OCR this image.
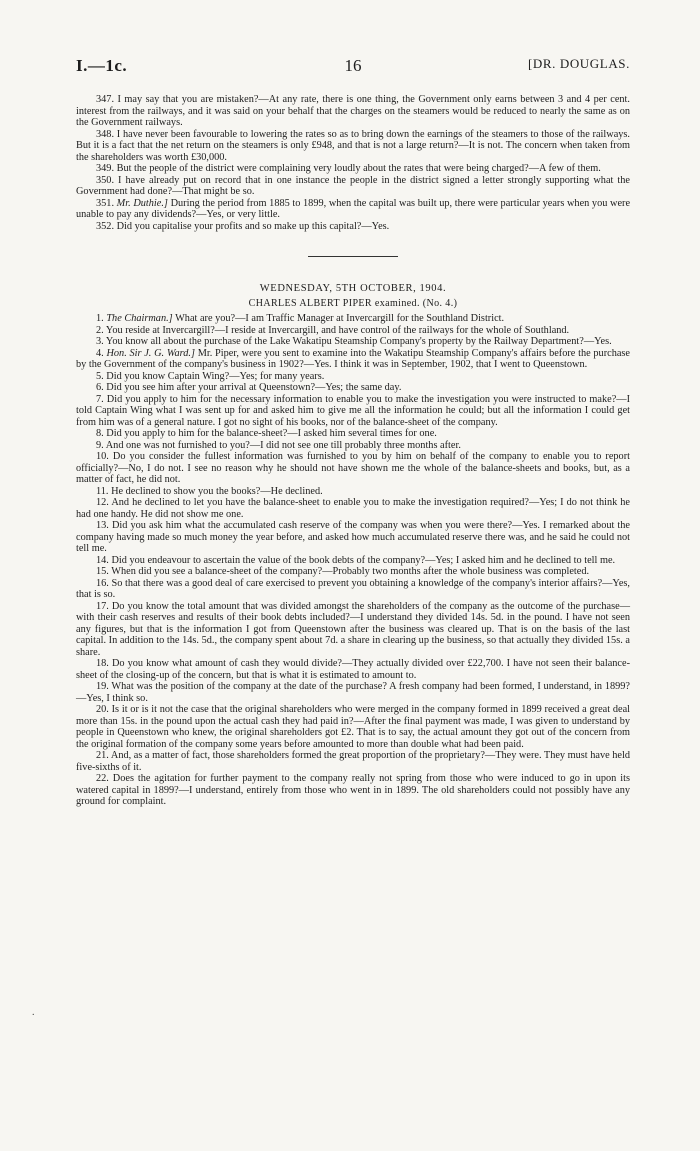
I.—1c.	16	[DR. DOUGLAS.

347. I may say that you are mistaken?—At any rate, there is one thing, the Government only earns between 3 and 4 per cent. interest from the railways, and it was said on your behalf that the charges on the steamers would be reduced to nearly the same as on the Government railways.

348. I have never been favourable to lowering the rates so as to bring down the earnings of the steamers to those of the railways. But it is a fact that the net return on the steamers is only £948, and that is not a large return?—It is not. The concern when taken from the shareholders was worth £30,000.

349. But the people of the district were complaining very loudly about the rates that were being charged?—A few of them.

350. I have already put on record that in one instance the people in the district signed a letter strongly supporting what the Government had done?—That might be so.

351. Mr. Duthie.] During the period from 1885 to 1899, when the capital was built up, there were particular years when you were unable to pay any dividends?—Yes, or very little.

352. Did you capitalise your profits and so make up this capital?—Yes.

WEDNESDAY, 5TH OCTOBER, 1904.
CHARLES ALBERT PIPER examined. (No. 4.)

1. The Chairman.] What are you?—I am Traffic Manager at Invercargill for the Southland District.

2. You reside at Invercargill?—I reside at Invercargill, and have control of the railways for the whole of Southland.

3. You know all about the purchase of the Lake Wakatipu Steamship Company's property by the Railway Department?—Yes.

4. Hon. Sir J. G. Ward.] Mr. Piper, were you sent to examine into the Wakatipu Steamship Company's affairs before the purchase by the Government of the company's business in 1902?—Yes. I think it was in September, 1902, that I went to Queenstown.

5. Did you know Captain Wing?—Yes; for many years.

6. Did you see him after your arrival at Queenstown?—Yes; the same day.

7. Did you apply to him for the necessary information to enable you to make the investigation you were instructed to make?—I told Captain Wing what I was sent up for and asked him to give me all the information he could; but all the information I could get from him was of a general nature. I got no sight of his books, nor of the balance-sheet of the company.

8. Did you apply to him for the balance-sheet?—I asked him several times for one.

9. And one was not furnished to you?—I did not see one till probably three months after.

10. Do you consider the fullest information was furnished to you by him on behalf of the company to enable you to report officially?—No, I do not. I see no reason why he should not have shown me the whole of the balance-sheets and books, but, as a matter of fact, he did not.

11. He declined to show you the books?—He declined.

12. And he declined to let you have the balance-sheet to enable you to make the investigation required?—Yes; I do not think he had one handy. He did not show me one.

13. Did you ask him what the accumulated cash reserve of the company was when you were there?—Yes. I remarked about the company having made so much money the year before, and asked how much accumulated reserve there was, and he said he could not tell me.

14. Did you endeavour to ascertain the value of the book debts of the company?—Yes; I asked him and he declined to tell me.

15. When did you see a balance-sheet of the company?—Probably two months after the whole business was completed.

16. So that there was a good deal of care exercised to prevent you obtaining a knowledge of the company's interior affairs?—Yes, that is so.

17. Do you know the total amount that was divided amongst the shareholders of the company as the outcome of the purchase—with their cash reserves and results of their book debts included?—I understand they divided 14s. 5d. in the pound. I have not seen any figures, but that is the information I got from Queenstown after the business was cleared up. That is on the basis of the last capital. In addition to the 14s. 5d., the company spent about 7d. a share in clearing up the business, so that actually they divided 15s. a share.

18. Do you know what amount of cash they would divide?—They actually divided over £22,700. I have not seen their balance-sheet of the closing-up of the concern, but that is what it is estimated to amount to.

19. What was the position of the company at the date of the purchase? A fresh company had been formed, I understand, in 1899?—Yes, I think so.

20. Is it or is it not the case that the original shareholders who were merged in the company formed in 1899 received a great deal more than 15s. in the pound upon the actual cash they had paid in?—After the final payment was made, I was given to understand by people in Queenstown who knew, the original shareholders got £2. That is to say, the actual amount they got out of the concern from the original formation of the company some years before amounted to more than double what had been paid.

21. And, as a matter of fact, those shareholders formed the great proportion of the proprietary?—They were. They must have held five-sixths of it.

22. Does the agitation for further payment to the company really not spring from those who were induced to go in upon its watered capital in 1899?—I understand, entirely from those who went in in 1899. The old shareholders could not possibly have any ground for complaint.

.
